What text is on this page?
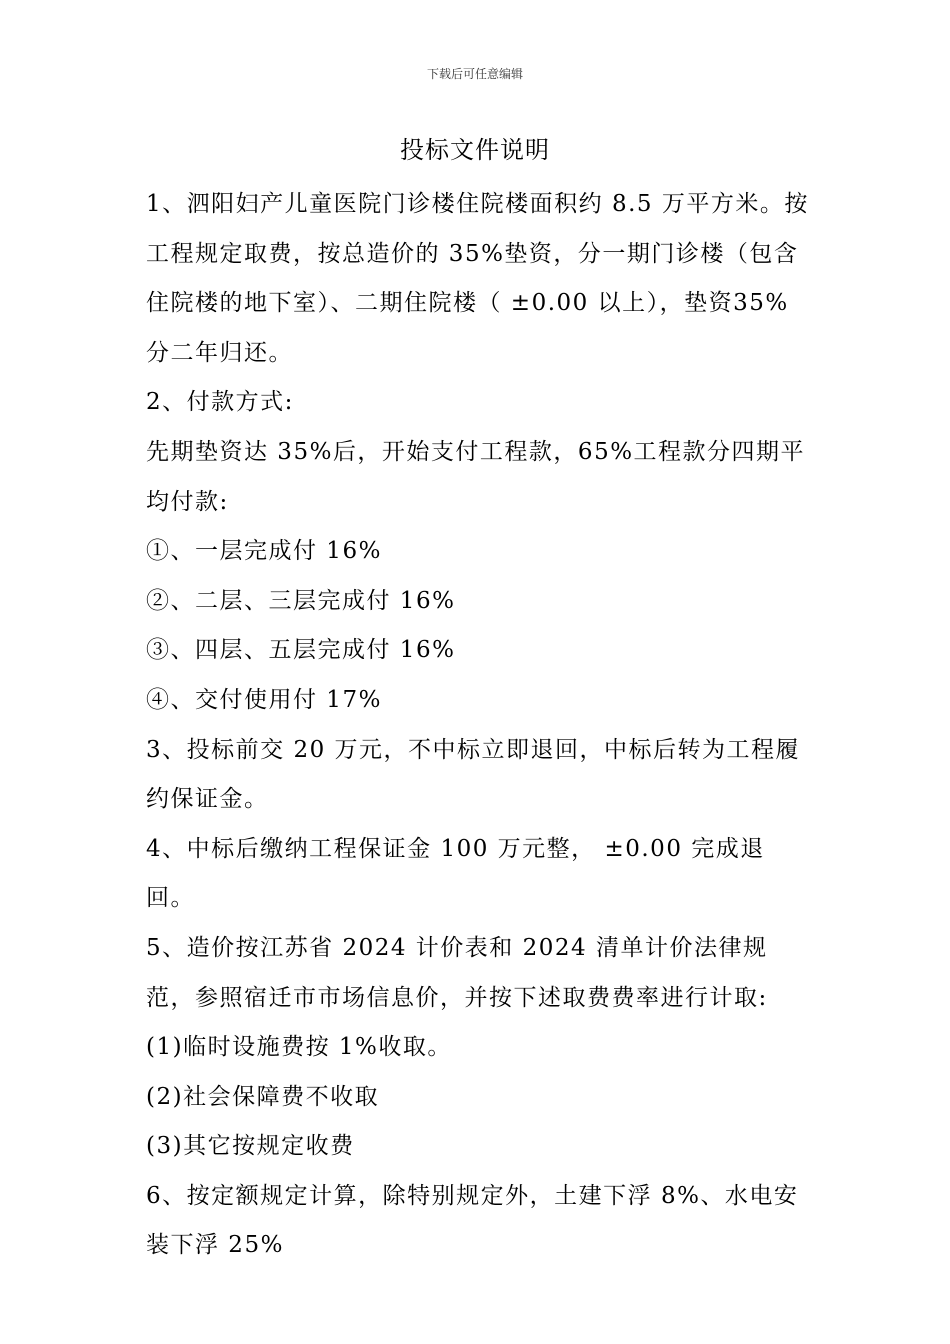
下载后可任意编辑
投标文件说明

1、泗阳妇产儿童医院门诊楼住院楼面积约 8.5 万平方米。按工程规定取费，按总造价的 35%垫资，分一期门诊楼（包含住院楼的地下室）、二期住院楼（ ±0.00 以上），垫资35%分二年归还。

2、付款方式:

先期垫资达 35%后，开始支付工程款，65%工程款分四期平均付款:

①、一层完成付 16%

②、二层、三层完成付 16%

③、四层、五层完成付 16%

④、交付使用付 17%

3、投标前交 20 万元，不中标立即退回，中标后转为工程履约保证金。

4、中标后缴纳工程保证金 100 万元整， ±0.00 完成退回。

5、造价按江苏省 2024 计价表和 2024 清单计价法律规范，参照宿迁市市场信息价，并按下述取费费率进行计取:

(1)临时设施费按 1%收取。

(2)社会保障费不收取

(3)其它按规定收费

6、按定额规定计算，除特别规定外，土建下浮 8%、水电安装下浮 25%
